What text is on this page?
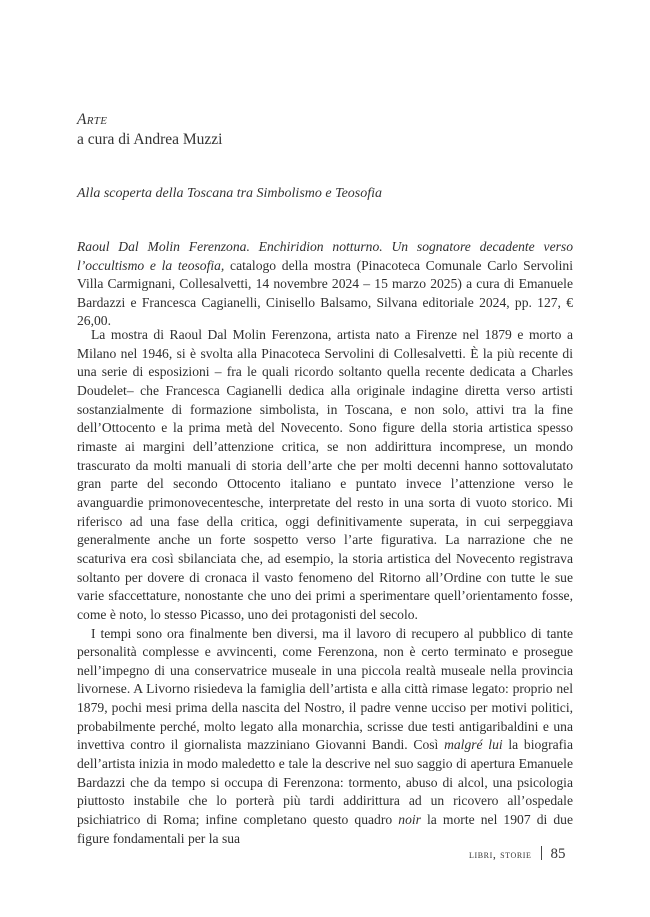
Arte
a cura di Andrea Muzzi
Alla scoperta della Toscana tra Simbolismo e Teosofia
Raoul Dal Molin Ferenzona. Enchiridion notturno. Un sognatore decadente verso l’occultismo e la teosofia, catalogo della mostra (Pinacoteca Comunale Carlo Servolini Villa Carmignani, Collesalvetti, 14 novembre 2024 – 15 marzo 2025) a cura di Emanuele Bardazzi e Francesca Cagianelli, Cinisello Balsamo, Silvana editoriale 2024, pp. 127, € 26,00.

La mostra di Raoul Dal Molin Ferenzona, artista nato a Firenze nel 1879 e morto a Milano nel 1946, si è svolta alla Pinacoteca Servolini di Collesalvetti. È la più recente di una serie di esposizioni – fra le quali ricordo soltanto quella recente dedicata a Charles Doudelet– che Francesca Cagianelli dedica alla originale indagine diretta verso artisti sostanzialmente di formazione simbolista, in Toscana, e non solo, attivi tra la fine dell’Ottocento e la prima metà del Novecento. Sono figure della storia artistica spesso rimaste ai margini dell’attenzione critica, se non addirittura incomprese, un mondo trascurato da molti manuali di storia dell’arte che per molti decenni hanno sottovalutato gran parte del secondo Ottocento italiano e puntato invece l’attenzione verso le avanguardie primonovecentesche, interpretate del resto in una sorta di vuoto storico. Mi riferisco ad una fase della critica, oggi definitivamente superata, in cui serpeggiava generalmente anche un forte sospetto verso l’arte figurativa. La narrazione che ne scaturiva era così sbilanciata che, ad esempio, la storia artistica del Novecento registrava soltanto per dovere di cronaca il vasto fenomeno del Ritorno all’Ordine con tutte le sue varie sfaccettature, nonostante che uno dei primi a sperimentare quell’orientamento fosse, come è noto, lo stesso Picasso, uno dei protagonisti del secolo.

I tempi sono ora finalmente ben diversi, ma il lavoro di recupero al pubblico di tante personalità complesse e avvincenti, come Ferenzona, non è certo terminato e prosegue nell’impegno di una conservatrice museale in una piccola realtà museale nella provincia livornese. A Livorno risiedeva la famiglia dell’artista e alla città rimase legato: proprio nel 1879, pochi mesi prima della nascita del Nostro, il padre venne ucciso per motivi politici, probabilmente perché, molto legato alla monarchia, scrisse due testi antigaribaldini e una invettiva contro il giornalista mazziniano Giovanni Bandi. Così malgré lui la biografia dell’artista inizia in modo maledetto e tale la descrive nel suo saggio di apertura Emanuele Bardazzi che da tempo si occupa di Ferenzona: tormento, abuso di alcol, una psicologia piuttosto instabile che lo porterà più tardi addirittura ad un ricovero all’ospedale psichiatrico di Roma; infine completano questo quadro noir la morte nel 1907 di due figure fondamentali per la sua

libri, storie 85
